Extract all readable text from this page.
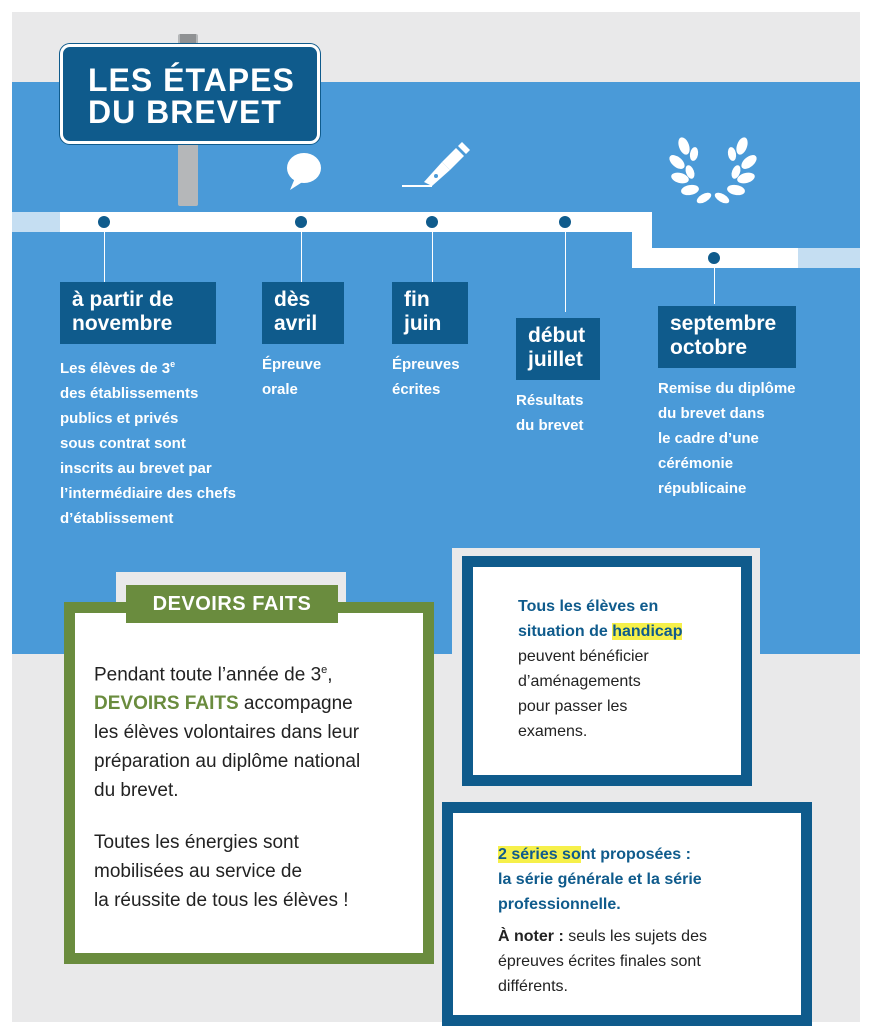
LES ÉTAPES
DU BREVET
à partir de
novembre
Les élèves de 3e
des établissements
publics et privés
sous contrat sont
inscrits au brevet par
l’intermédiaire des chefs
d’établissement
dès
avril
Épreuve
orale
fin
juin
Épreuves
écrites
début
juillet
Résultats
du brevet
septembre
octobre
Remise du diplôme
du brevet dans
le cadre d’une
cérémonie
républicaine
DEVOIRS FAITS
Pendant toute l’année de 3e,
DEVOIRS FAITS accompagne
les élèves volontaires dans leur
préparation au diplôme national
du brevet.
Toutes les énergies sont
mobilisées au service de
la réussite de tous les élèves !
Tous les élèves en
situation de handicap
peuvent bénéficier
d’aménagements
pour passer les
examens.
2 séries sont proposées :
la série générale et la série
professionnelle.
À noter : seuls les sujets des
épreuves écrites finales sont
différents.
